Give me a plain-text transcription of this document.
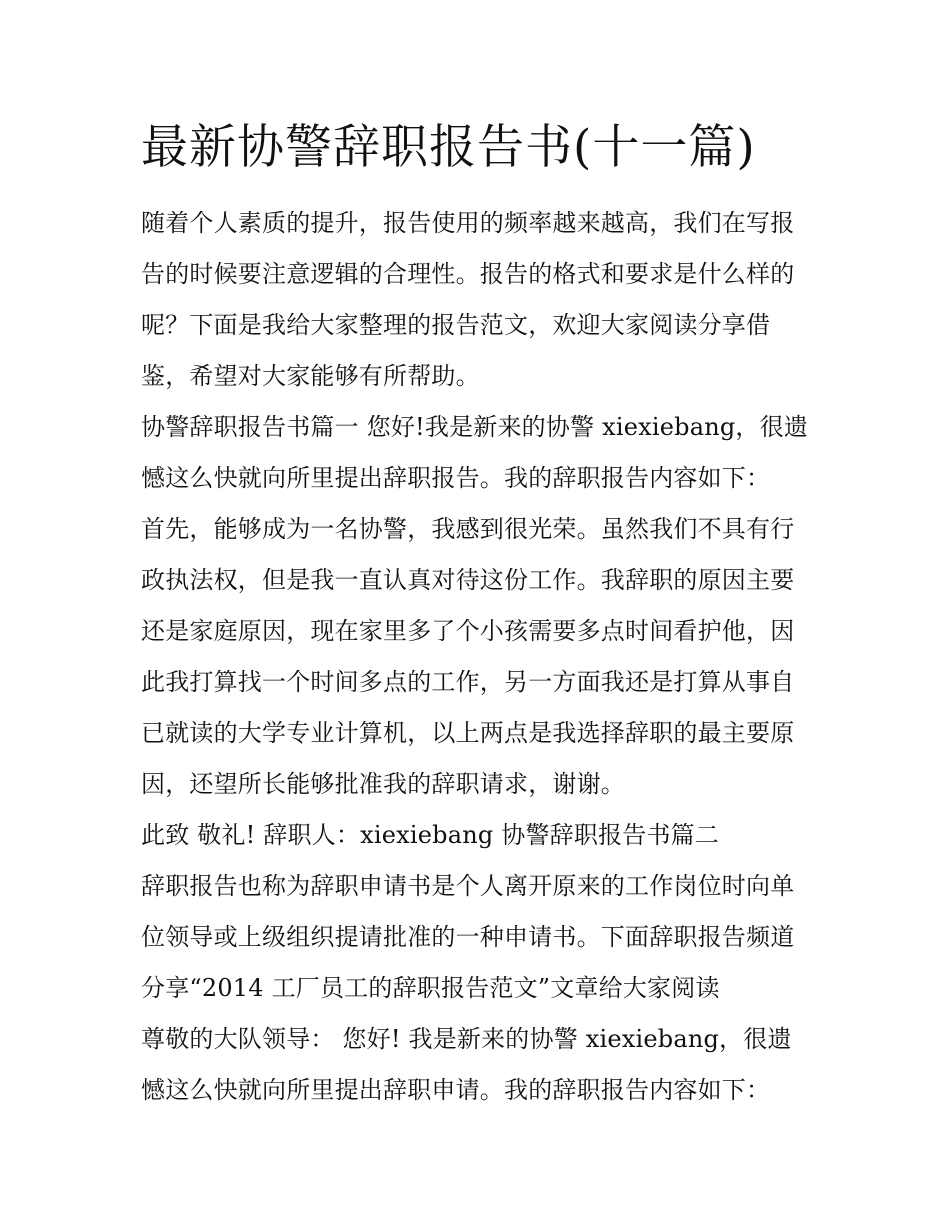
最新协警辞职报告书(十一篇)

随着个人素质的提升，报告使用的频率越来越高，我们在写报告的时候要注意逻辑的合理性。报告的格式和要求是什么样的呢？下面是我给大家整理的报告范文，欢迎大家阅读分享借鉴，希望对大家能够有所帮助。

协警辞职报告书篇一 您好!我是新来的协警 xiexiebang，很遗憾这么快就向所里提出辞职报告。我的辞职报告内容如下：

首先，能够成为一名协警，我感到很光荣。虽然我们不具有行政执法权，但是我一直认真对待这份工作。我辞职的原因主要还是家庭原因，现在家里多了个小孩需要多点时间看护他，因此我打算找一个时间多点的工作，另一方面我还是打算从事自已就读的大学专业计算机，以上两点是我选择辞职的最主要原因，还望所长能够批准我的辞职请求，谢谢。

此致 敬礼! 辞职人：xiexiebang 协警辞职报告书篇二

辞职报告也称为辞职申请书是个人离开原来的工作岗位时向单位领导或上级组织提请批准的一种申请书。下面辞职报告频道分享“2014 工厂员工的辞职报告范文”文章给大家阅读

尊敬的大队领导： 您好! 我是新来的协警 xiexiebang，很遗憾这么快就向所里提出辞职申请。我的辞职报告内容如下：
